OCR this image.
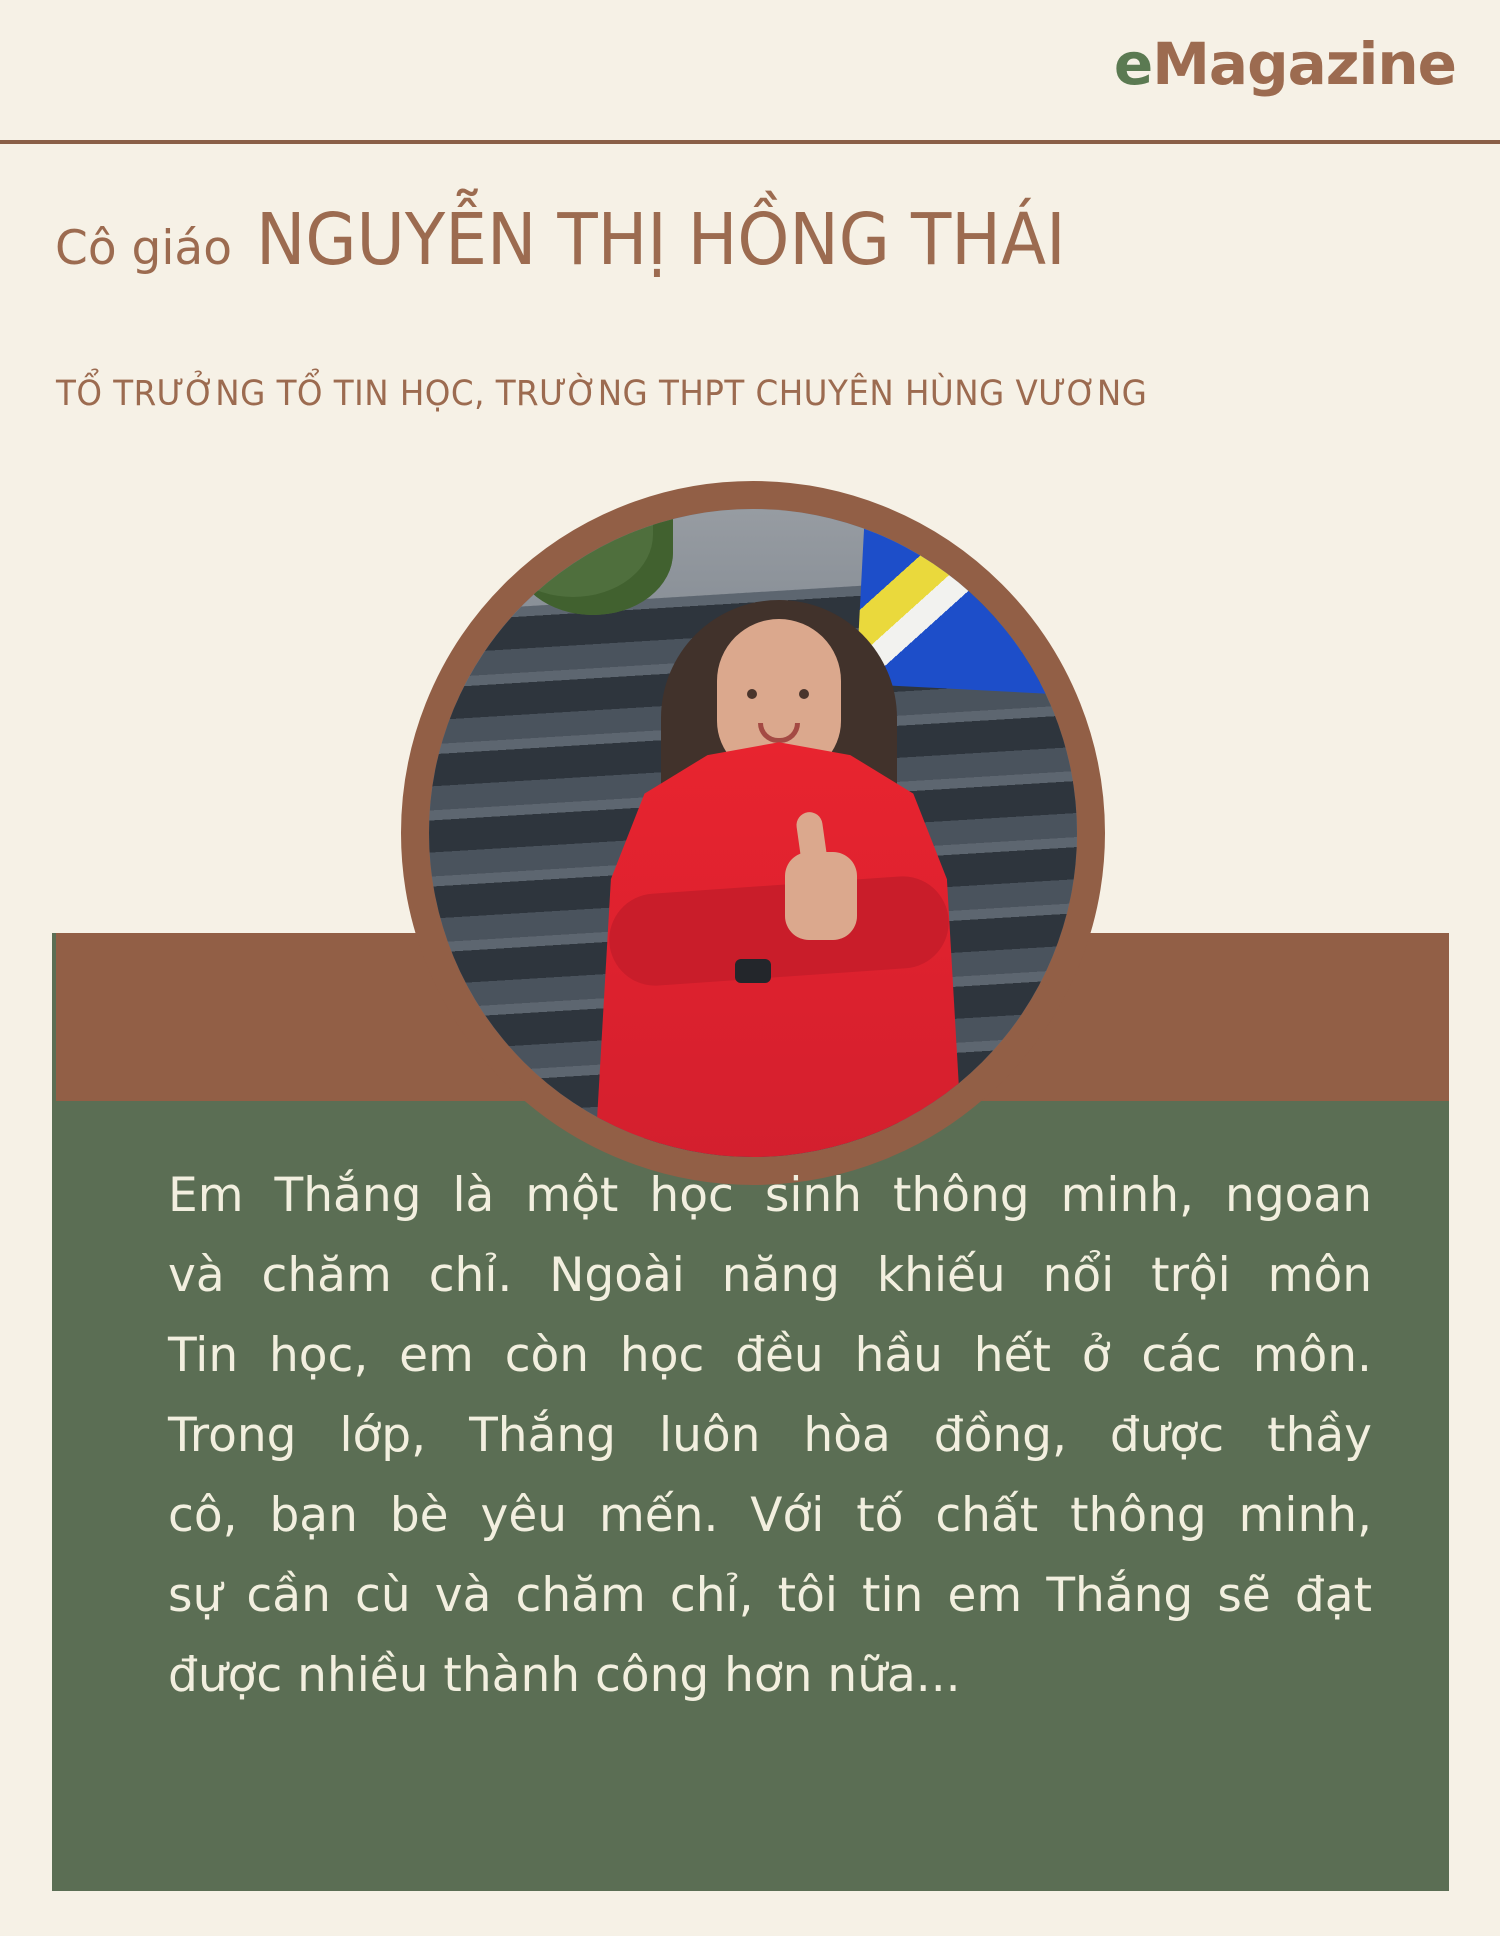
eMagazine
Cô giáo NGUYỄN THỊ HỒNG THÁI
TỔ TRƯỞNG TỔ TIN HỌC, TRƯỜNG THPT CHUYÊN HÙNG VƯƠNG
Em Thắng là một học sinh thông minh, ngoan
và chăm chỉ. Ngoài năng khiếu nổi trội môn
Tin học, em còn học đều hầu hết ở các môn.
Trong lớp, Thắng luôn hòa đồng, được thầy
cô, bạn bè yêu mến. Với tố chất thông minh,
sự cần cù và chăm chỉ, tôi tin em Thắng sẽ đạt
được nhiều thành công hơn nữa...
